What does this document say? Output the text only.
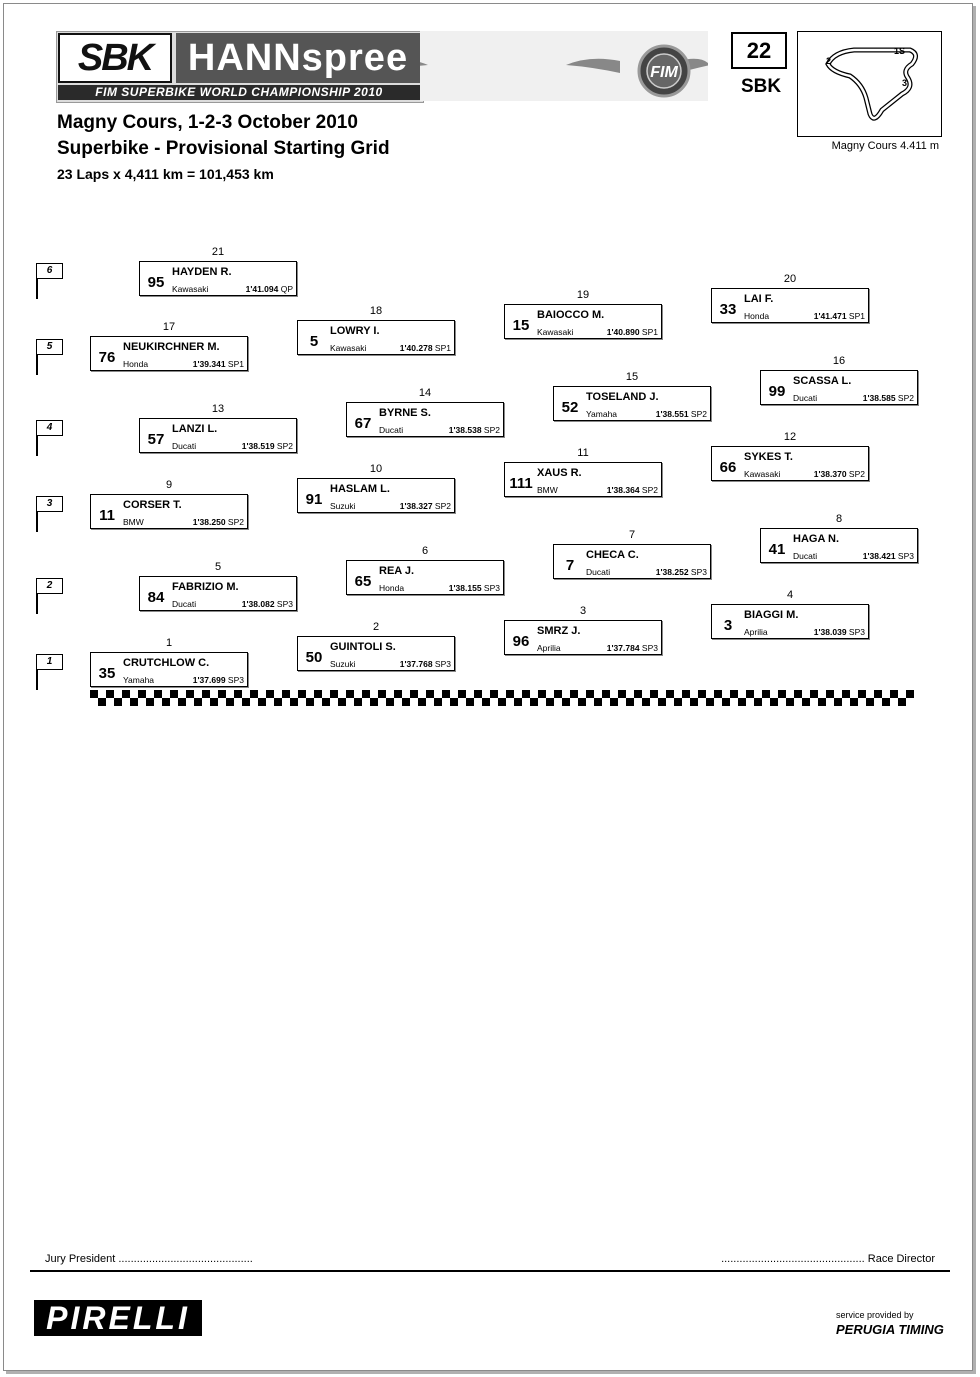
SBK HANNspree
FIM SUPERBIKE WORLD CHAMPIONSHIP 2010
FIM
22
SBK
1S
2
3
Magny Cours 4.411 m
Magny Cours, 1-2-3 October 2010
Superbike - Provisional Starting Grid
23 Laps x 4,411 km = 101,453 km
6
5
4
3
2
1
1
35
CRUTCHLOW C.
Yamaha	1'37.699 SP3
2
50
GUINTOLI S.
Suzuki	1'37.768 SP3
3
96
SMRZ J.
Aprilia	1'37.784 SP3
4
3
BIAGGI M.
Aprilia	1'38.039 SP3
5
84
FABRIZIO M.
Ducati	1'38.082 SP3
6
65
REA J.
Honda	1'38.155 SP3
7
7
CHECA C.
Ducati	1'38.252 SP3
8
41
HAGA N.
Ducati	1'38.421 SP3
9
11
CORSER T.
BMW	1'38.250 SP2
10
91
HASLAM L.
Suzuki	1'38.327 SP2
11
111
XAUS R.
BMW	1'38.364 SP2
12
66
SYKES T.
Kawasaki	1'38.370 SP2
13
57
LANZI L.
Ducati	1'38.519 SP2
14
67
BYRNE S.
Ducati	1'38.538 SP2
15
52
TOSELAND J.
Yamaha	1'38.551 SP2
16
99
SCASSA L.
Ducati	1'38.585 SP2
17
76
NEUKIRCHNER M.
Honda	1'39.341 SP1
18
5
LOWRY I.
Kawasaki	1'40.278 SP1
19
15
BAIOCCO M.
Kawasaki	1'40.890 SP1
20
33
LAI F.
Honda	1'41.471 SP1
21
95
HAYDEN R.
Kawasaki	1'41.094 QP
Jury President ............................................	............................................... Race Director
PIRELLI	service provided by
PERUGIA TIMING
